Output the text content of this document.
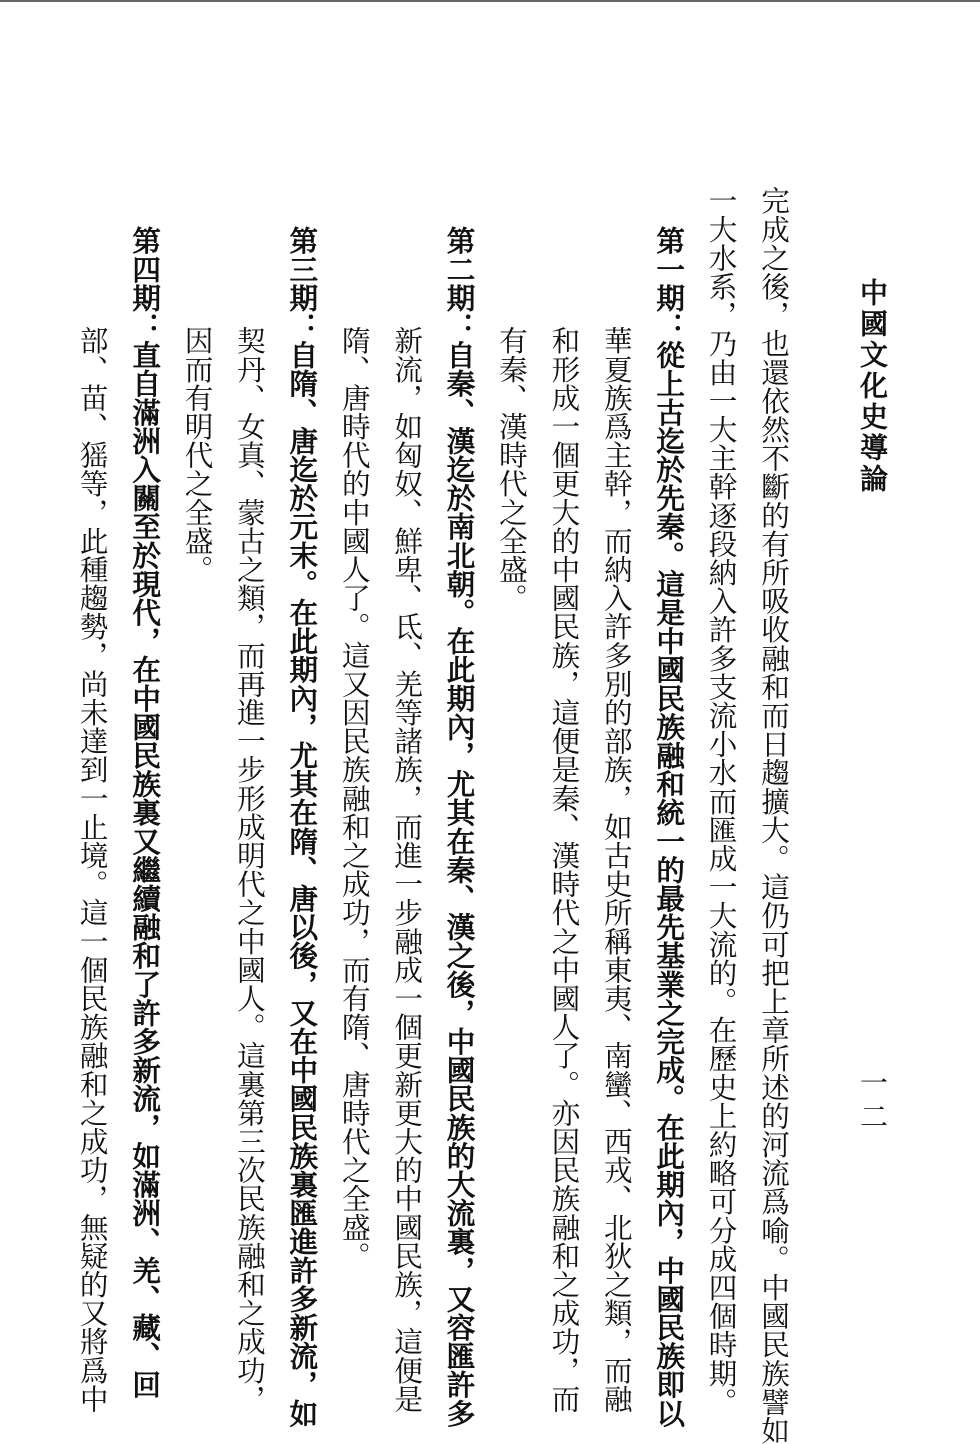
中國文化史導論
一二
完成之後，也還依然不斷的有所吸收融和而日趨擴大。這仍可把上章所述的河流爲喻。中國民族譬如
一大水系，乃由一大主幹逐段納入許多支流小水而匯成一大流的。在歷史上約略可分成四個時期。
第一期：從上古迄於先秦。這是中國民族融和統一的最先基業之完成。在此期內，中國民族即以
華夏族爲主幹，而納入許多別的部族，如古史所稱東夷、南蠻、西戎、北狄之類，而融
和形成一個更大的中國民族，這便是秦、漢時代之中國人了。亦因民族融和之成功，而
有秦、漢時代之全盛。
第二期：自秦、漢迄於南北朝。在此期內，尤其在秦、漢之後，中國民族的大流裏，又容匯許多
新流，如匈奴、鮮卑、氐、羌等諸族，而進一步融成一個更新更大的中國民族，這便是
隋、唐時代的中國人了。這又因民族融和之成功，而有隋、唐時代之全盛。
第三期：自隋、唐迄於元末。在此期內，尤其在隋、唐以後，又在中國民族裏匯進許多新流，如
契丹、女真、蒙古之類，而再進一步形成明代之中國人。這裏第三次民族融和之成功，
因而有明代之全盛。
第四期：直自滿洲入關至於現代，在中國民族裏又繼續融和了許多新流，如滿洲、羌、藏、回
部、苗、猺等，此種趨勢，尚未達到一止境。這一個民族融和之成功，無疑的又將爲中
